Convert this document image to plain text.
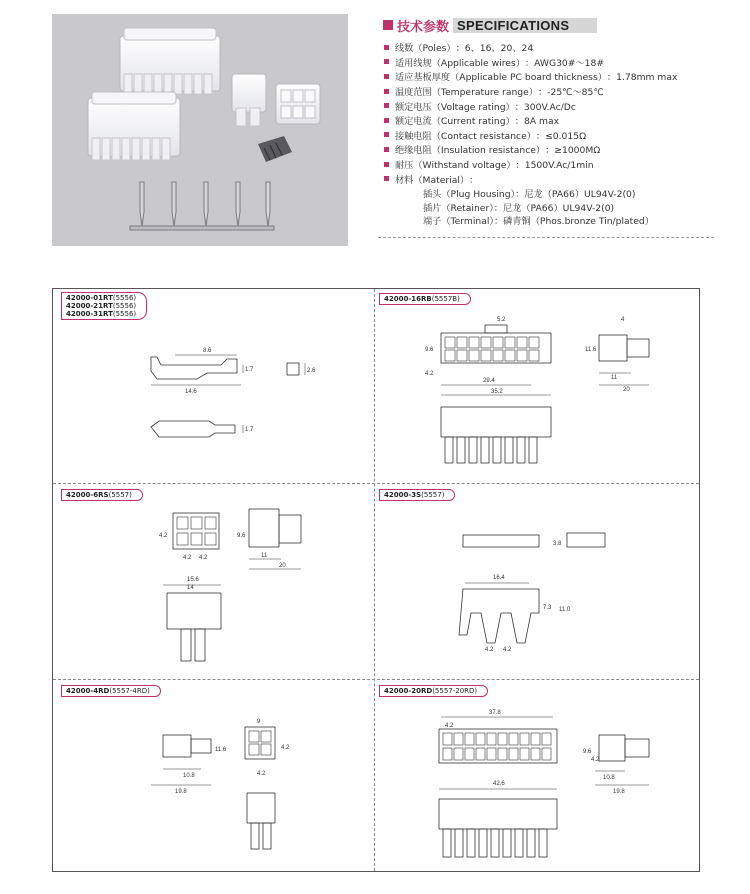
技术参数 SPECIFICATIONS
线数（Poles） ：6、16、20、24
适用线规（Applicable wires） ：AWG30#～18#
适应基板厚度（Applicable PC board thickness） ：1.78mm max
温度范围（Temperature range） ：-25℃～85℃
额定电压（Voltage rating） ：300V.Ac/Dc
额定电流（Current rating） ：8A max
接触电阻（Contact resistance） ：≤0.015Ω
绝缘电阻（Insulation resistance） ：≥1000MΩ
耐压（Withstand voltage） ：1500V.Ac/1min
材料（Material） ：
插头（Plug Housing）：尼龙（PA66）UL94V-2(0)
插片（Retainer）：尼龙（PA66）UL94V-2(0)
端子（Terminal）：磷青铜（Phos.bronze Tin/plated）
42000-01RT(5556)
42000-21RT(5556)
42000-31RT(5556)
42000-16RB(5557B)
42000-6RS(5557)	42000-3S(5557)
42000-4RD(5557-4RD)	42000-20RD(5557-20RD)
8.6
1.7
14.6
2.6
1.7
5.2
9.6
4.2
29.4
35.2
4
11.6
11
20
4.2	9.6
4.2 4.2	11
20
15.6
14
3.8
16.4
7.3 11.0
4.2 4.2
9
11.6	4.2
4.2
10.8
19.8
37.8
4.2
9.6
4.2
10.8
19.8
42.6
